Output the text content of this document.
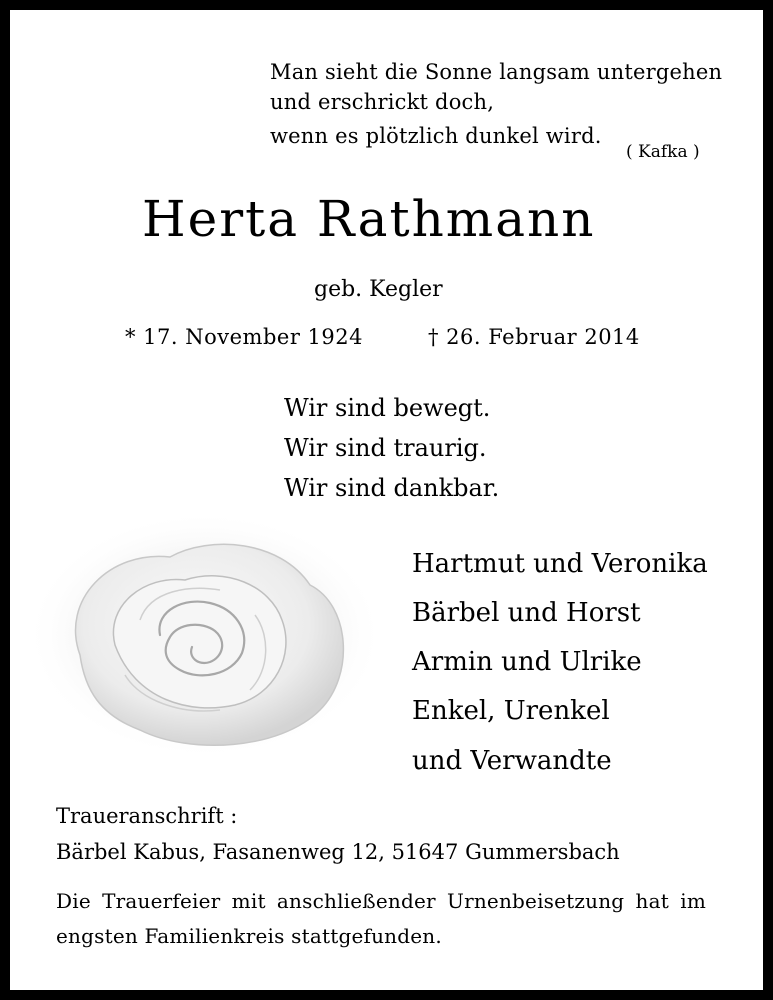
Man sieht die Sonne langsam untergehen
und erschrickt doch,
wenn es plötzlich dunkel wird.
( Kafka )
Herta Rathmann
geb. Kegler
* 17. November 1924	† 26. Februar 2014
Wir sind bewegt.
Wir sind traurig.
Wir sind dankbar.
Hartmut und Veronika
Bärbel und Horst
Armin und Ulrike
Enkel, Urenkel
und Verwandte
Traueranschrift :
Bärbel Kabus, Fasanenweg 12, 51647 Gummersbach
Die Trauerfeier mit anschließender Urnenbeisetzung hat im engsten Familienkreis stattgefunden.
